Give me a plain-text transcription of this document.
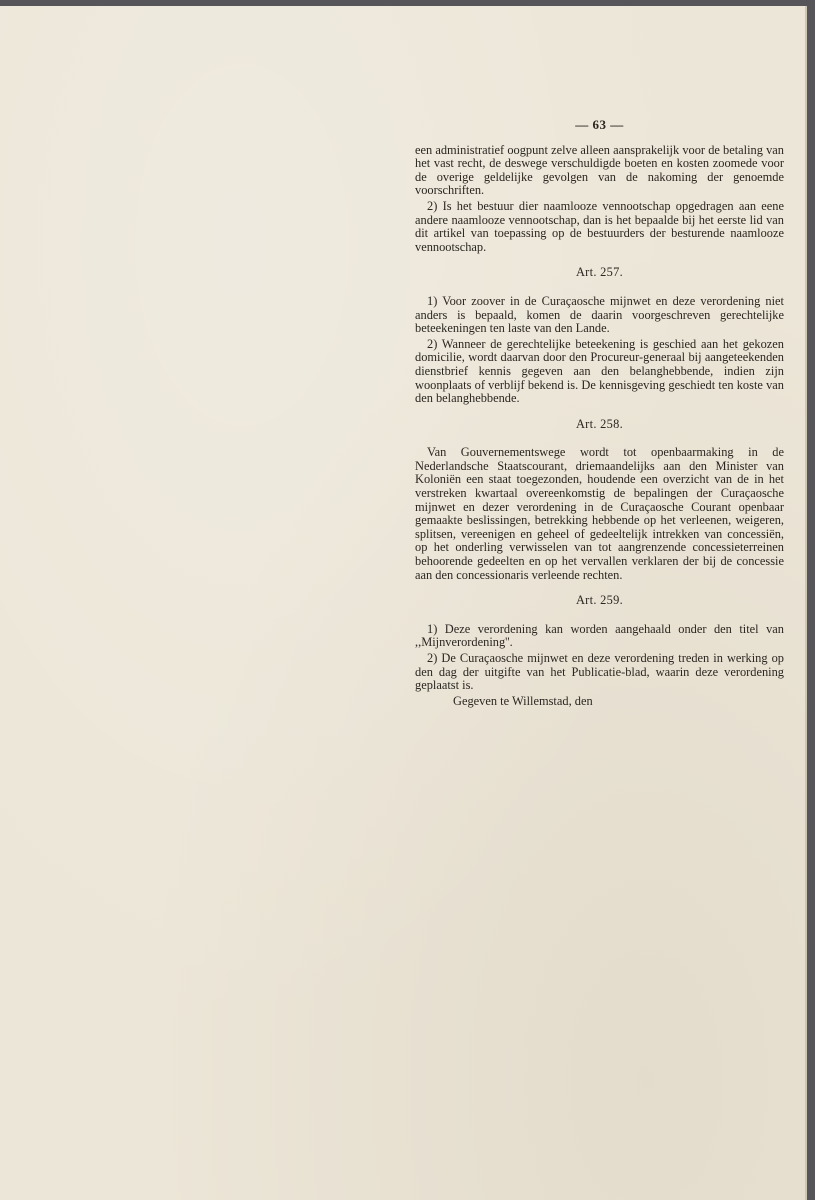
— 63 —

een administratief oogpunt zelve alleen aansprakelijk voor de betaling van het vast recht, de deswege verschuldigde boeten en kosten zoomede voor de overige geldelijke gevolgen van de nakoming der genoemde voorschriften.

2) Is het bestuur dier naamlooze vennootschap opgedragen aan eene andere naamlooze vennootschap, dan is het bepaalde bij het eerste lid van dit artikel van toepassing op de bestuurders der besturende naamlooze vennootschap.

Art. 257.

1) Voor zoover in de Curaçaosche mijnwet en deze verordening niet anders is bepaald, komen de daarin voorgeschreven gerechtelijke beteekeningen ten laste van den Lande.

2) Wanneer de gerechtelijke beteekening is geschied aan het gekozen domicilie, wordt daarvan door den Procureur-generaal bij aangeteekenden dienstbrief kennis gegeven aan den belanghebbende, indien zijn woonplaats of verblijf bekend is. De kennisgeving geschiedt ten koste van den belanghebbende.

Art. 258.

Van Gouvernementswege wordt tot openbaarmaking in de Nederlandsche Staatscourant, driemaandelijks aan den Minister van Koloniën een staat toegezonden, houdende een overzicht van de in het verstreken kwartaal overeenkomstig de bepalingen der Curaçaosche mijnwet en dezer verordening in de Curaçaosche Courant openbaar gemaakte beslissingen, betrekking hebbende op het verleenen, weigeren, splitsen, vereenigen en geheel of gedeeltelijk intrekken van concessiën, op het onderling verwisselen van tot aangrenzende concessieterreinen behoorende gedeelten en op het vervallen verklaren der bij de concessie aan den concessionaris verleende rechten.

Art. 259.

1) Deze verordening kan worden aangehaald onder den titel van ,,Mijnverordening''.

2) De Curaçaosche mijnwet en deze verordening treden in werking op den dag der uitgifte van het Publicatie-blad, waarin deze verordening geplaatst is.

Gegeven te Willemstad, den
